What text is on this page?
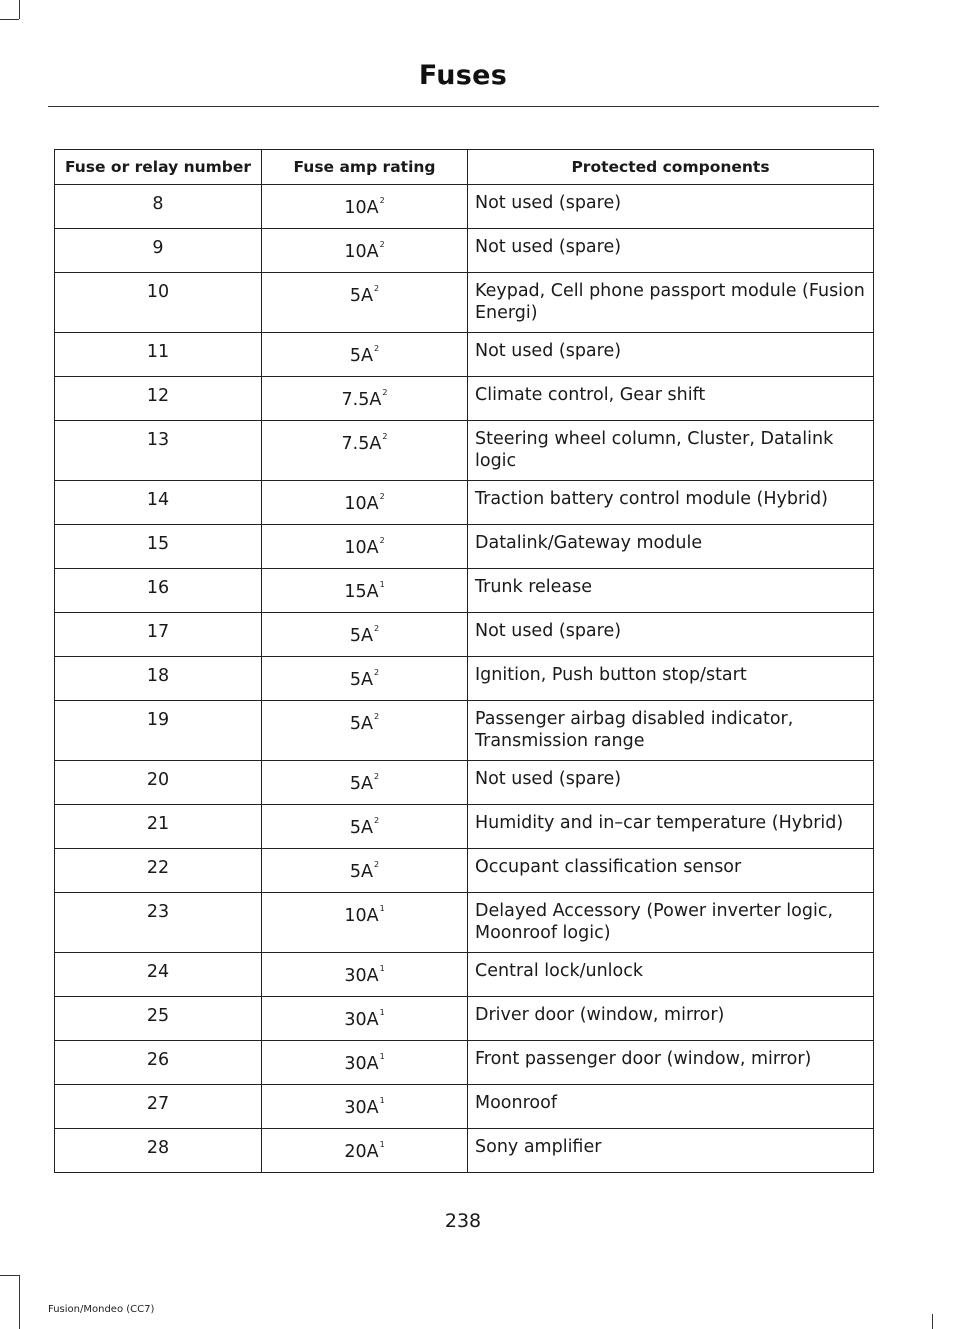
Fuses
Fuse or relay number	Fuse amp rating	Protected components
8	$10A^2$	Not used (spare)
9	$10A^2$	Not used (spare)
10	$5A^2$	Keypad, Cell phone passport module (Fusion Energi)
11	$5A^2$	Not used (spare)
12	$7.5A^2$	Climate control, Gear shift
13	$7.5A^2$	Steering wheel column, Cluster, Datalink logic
14	$10A^2$	Traction battery control module (Hybrid)
15	$10A^2$	Datalink/Gateway module
16	$15A^1$	Trunk release
17	$5A^2$	Not used (spare)
18	$5A^2$	Ignition, Push button stop/start
19	$5A^2$	Passenger airbag disabled indicator, Transmission range
20	$5A^2$	Not used (spare)
21	$5A^2$	Humidity and in–car temperature (Hybrid)
22	$5A^2$	Occupant classification sensor
23	$10A^1$	Delayed Accessory (Power inverter logic, Moonroof logic)
24	$30A^1$	Central lock/unlock
25	$30A^1$	Driver door (window, mirror)
26	$30A^1$	Front passenger door (window, mirror)
27	$30A^1$	Moonroof
28	$20A^1$	Sony amplifier
238
Fusion/Mondeo (CC7)
